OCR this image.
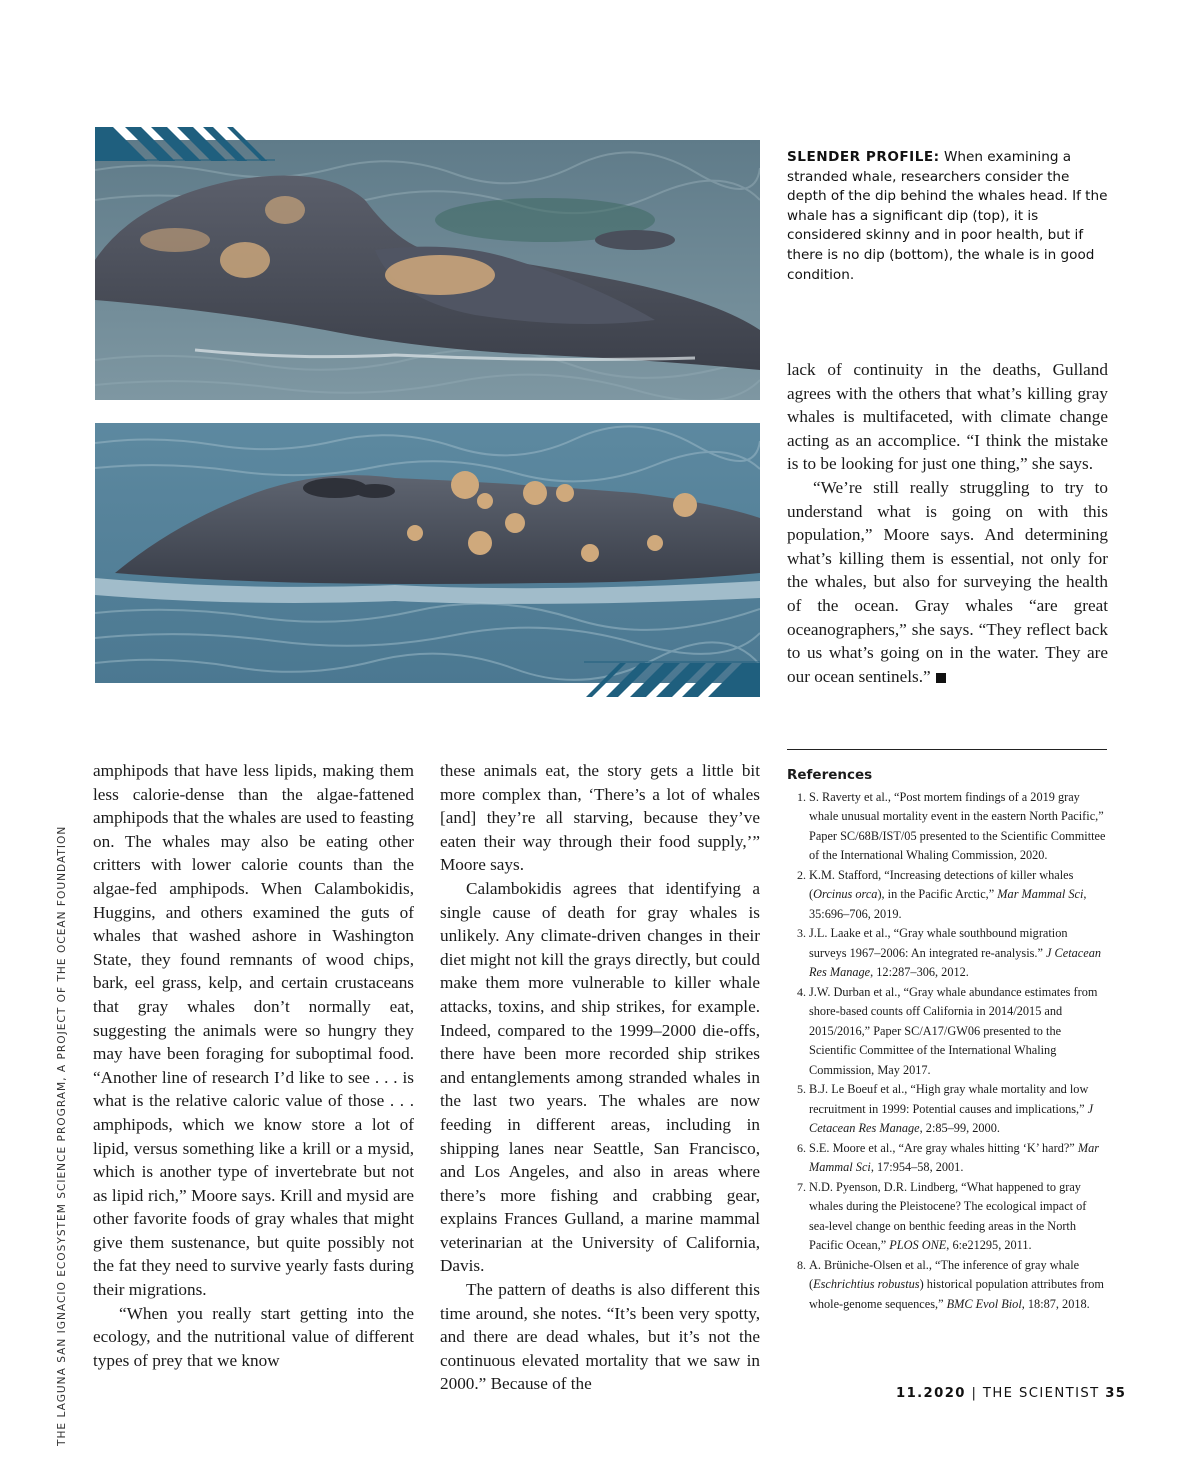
THE LAGUNA SAN IGNACIO ECOSYSTEM SCIENCE PROGRAM, A PROJECT OF THE OCEAN FOUNDATION
SLENDER PROFILE: When examining a stranded whale, researchers consider the depth of the dip behind the whales head. If the whale has a significant dip (top), it is considered skinny and in poor health, but if there is no dip (bottom), the whale is in good condition.

lack of continuity in the deaths, Gulland agrees with the others that what’s killing gray whales is multifaceted, with climate change acting as an accomplice. “I think the mistake is to be looking for just one thing,” she says.

“We’re still really struggling to try to understand what is going on with this population,” Moore says. And determining what’s killing them is essential, not only for the whales, but also for surveying the health of the ocean. Gray whales “are great oceanographers,” she says. “They reflect back to us what’s going on in the water. They are our ocean sentinels.”

amphipods that have less lipids, making them less calorie-dense than the algae-fattened amphipods that the whales are used to feasting on. The whales may also be eating other critters with lower calorie counts than the algae-fed amphipods. When Calambokidis, Huggins, and others examined the guts of whales that washed ashore in Washington State, they found remnants of wood chips, bark, eel grass, kelp, and certain crustaceans that gray whales don’t normally eat, suggesting the animals were so hungry they may have been foraging for suboptimal food. “Another line of research I’d like to see . . . is what is the relative caloric value of those . . . amphipods, which we know store a lot of lipid, versus something like a krill or a mysid, which is another type of invertebrate but not as lipid rich,” Moore says. Krill and mysid are other favorite foods of gray whales that might give them sustenance, but quite possibly not the fat they need to survive yearly fasts during their migrations.

“When you really start getting into the ecology, and the nutritional value of different types of prey that we know

these animals eat, the story gets a little bit more complex than, ‘There’s a lot of whales [and] they’re all starving, because they’ve eaten their way through their food supply,’” Moore says.

Calambokidis agrees that identifying a single cause of death for gray whales is unlikely. Any climate-driven changes in their diet might not kill the grays directly, but could make them more vulnerable to killer whale attacks, toxins, and ship strikes, for example. Indeed, compared to the 1999–2000 die-offs, there have been more recorded ship strikes and entanglements among stranded whales in the last two years. The whales are now feeding in different areas, including in shipping lanes near Seattle, San Francisco, and Los Angeles, and also in areas where there’s more fishing and crabbing gear, explains Frances Gulland, a marine mammal veterinarian at the University of California, Davis.

The pattern of deaths is also different this time around, she notes. “It’s been very spotty, and there are dead whales, but it’s not the continuous elevated mortality that we saw in 2000.” Because of the

References
1. S. Raverty et al., “Post mortem findings of a 2019 gray whale unusual mortality event in the eastern North Pacific,” Paper SC/68B/IST/05 presented to the Scientific Committee of the International Whaling Commission, 2020.
2. K.M. Stafford, “Increasing detections of killer whales (Orcinus orca), in the Pacific Arctic,” Mar Mammal Sci, 35:696–706, 2019.
3. J.L. Laake et al., “Gray whale southbound migration surveys 1967–2006: An integrated re-analysis.” J Cetacean Res Manage, 12:287–306, 2012.
4. J.W. Durban et al., “Gray whale abundance estimates from shore-based counts off California in 2014/2015 and 2015/2016,” Paper SC/A17/GW06 presented to the Scientific Committee of the International Whaling Commission, May 2017.
5. B.J. Le Boeuf et al., “High gray whale mortality and low recruitment in 1999: Potential causes and implications,” J Cetacean Res Manage, 2:85–99, 2000.
6. S.E. Moore et al., “Are gray whales hitting ‘K’ hard?” Mar Mammal Sci, 17:954–58, 2001.
7. N.D. Pyenson, D.R. Lindberg, “What happened to gray whales during the Pleistocene? The ecological impact of sea-level change on benthic feeding areas in the North Pacific Ocean,” PLOS ONE, 6:e21295, 2011.
8. A. Brüniche-Olsen et al., “The inference of gray whale (Eschrichtius robustus) historical population attributes from whole-genome sequences,” BMC Evol Biol, 18:87, 2018.
11.2020 | THE SCIENTIST 35
